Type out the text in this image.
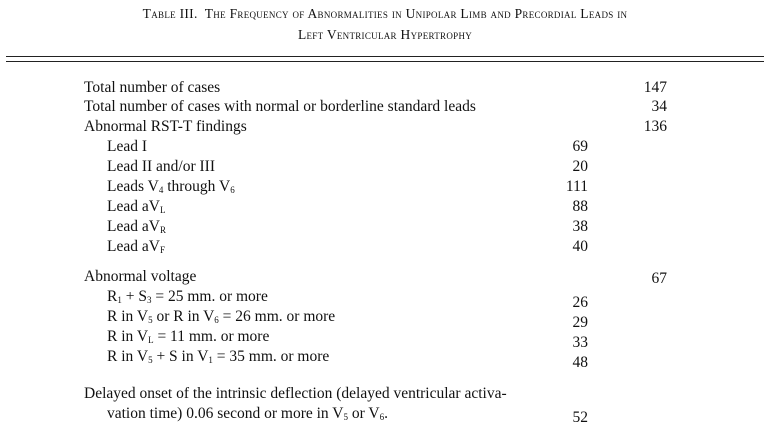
Table III. The Frequency of Abnormalities in Unipolar Limb and Precordial Leads in
Left Ventricular Hypertrophy
Total number of cases	147
Total number of cases with normal or borderline standard leads	34
Abnormal RST-T findings	136
Lead I	69
Lead II and/or III	20
Leads $V_4$ through $V_6$	111
Lead $aV_L$	88
Lead $aV_R$	38
Lead $aV_F$	40
Abnormal voltage	67
$R_1 + S_3 = 25$ mm. or more	26
R in $V_5$ or R in $V_6 = 26$ mm. or more	29
R in $V_L = 11$ mm. or more	33
R in $V_5 + S$ in $V_1 = 35$ mm. or more	48
Delayed onset of the intrinsic deflection (delayed ventricular activa-
vation time) 0.06 second or more in $V_5$ or $V_6$.	52
